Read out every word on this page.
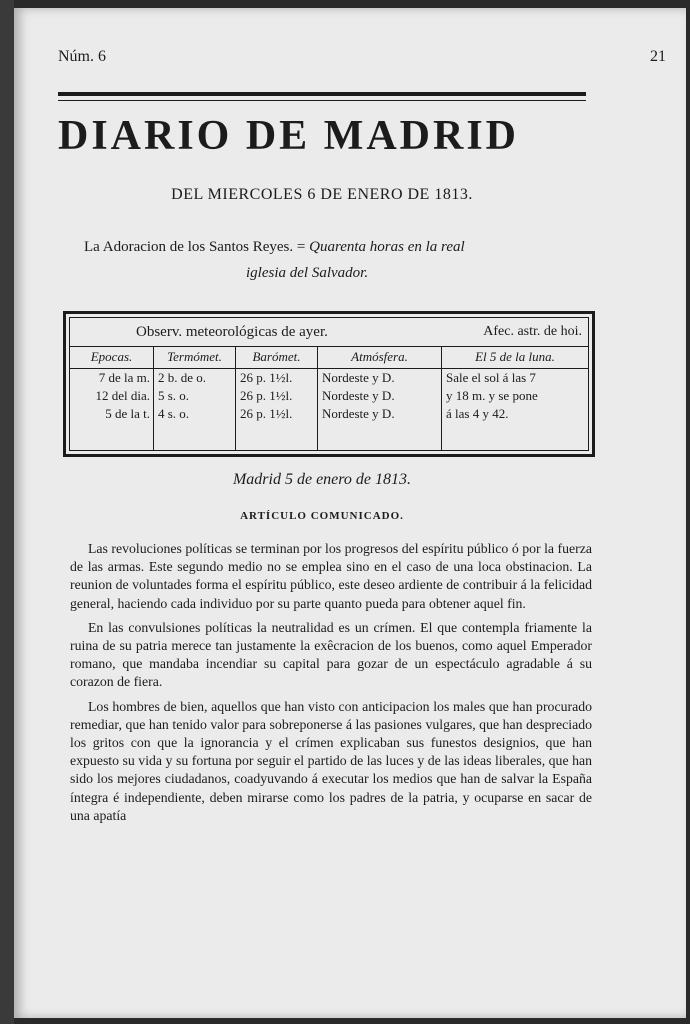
Núm. 6	21
DIARIO DE MADRID
DEL MIERCOLES 6 DE ENERO DE 1813.
La Adoracion de los Santos Reyes. = Quarenta horas en la real
iglesia del Salvador.
Observ. meteorológicas de ayer.	Afec. astr. de hoi.
Epocas.
7 de la m.
12 del dia.
5 de la t.
Termómet.
2 b. de o.
5 s. o.
4 s. o.
Barómet.
26 p. 1½l.
26 p. 1½l.
26 p. 1½l.
Atmósfera.
Nordeste y D.
Nordeste y D.
Nordeste y D.
El 5 de la luna.
Sale el sol á las 7
y 18 m. y se pone
á las 4 y 42.
Madrid 5 de enero de 1813.
ARTÍCULO COMUNICADO.

Las revoluciones políticas se terminan por los progresos del espíritu público ó por la fuerza de las armas. Este segundo medio no se emplea sino en el caso de una loca obstinacion. La reunion de voluntades forma el espíritu público, este deseo ardiente de contribuir á la felicidad general, haciendo cada individuo por su parte quanto pueda para obtener aquel fin.

En las convulsiones políticas la neutralidad es un crímen. El que contempla friamente la ruina de su patria merece tan justamente la exêcracion de los buenos, como aquel Emperador romano, que mandaba incendiar su capital para gozar de un espectáculo agradable á su corazon de fiera.

Los hombres de bien, aquellos que han visto con anticipacion los males que han procurado remediar, que han tenido valor para sobreponerse á las pasiones vulgares, que han despreciado los gritos con que la ignorancia y el crímen explicaban sus funestos designios, que han expuesto su vida y su fortuna por seguir el partido de las luces y de las ideas liberales, que han sido los mejores ciudadanos, coadyuvando á executar los medios que han de salvar la España íntegra é independiente, deben mirarse como los padres de la patria, y ocuparse en sacar de una apatía
